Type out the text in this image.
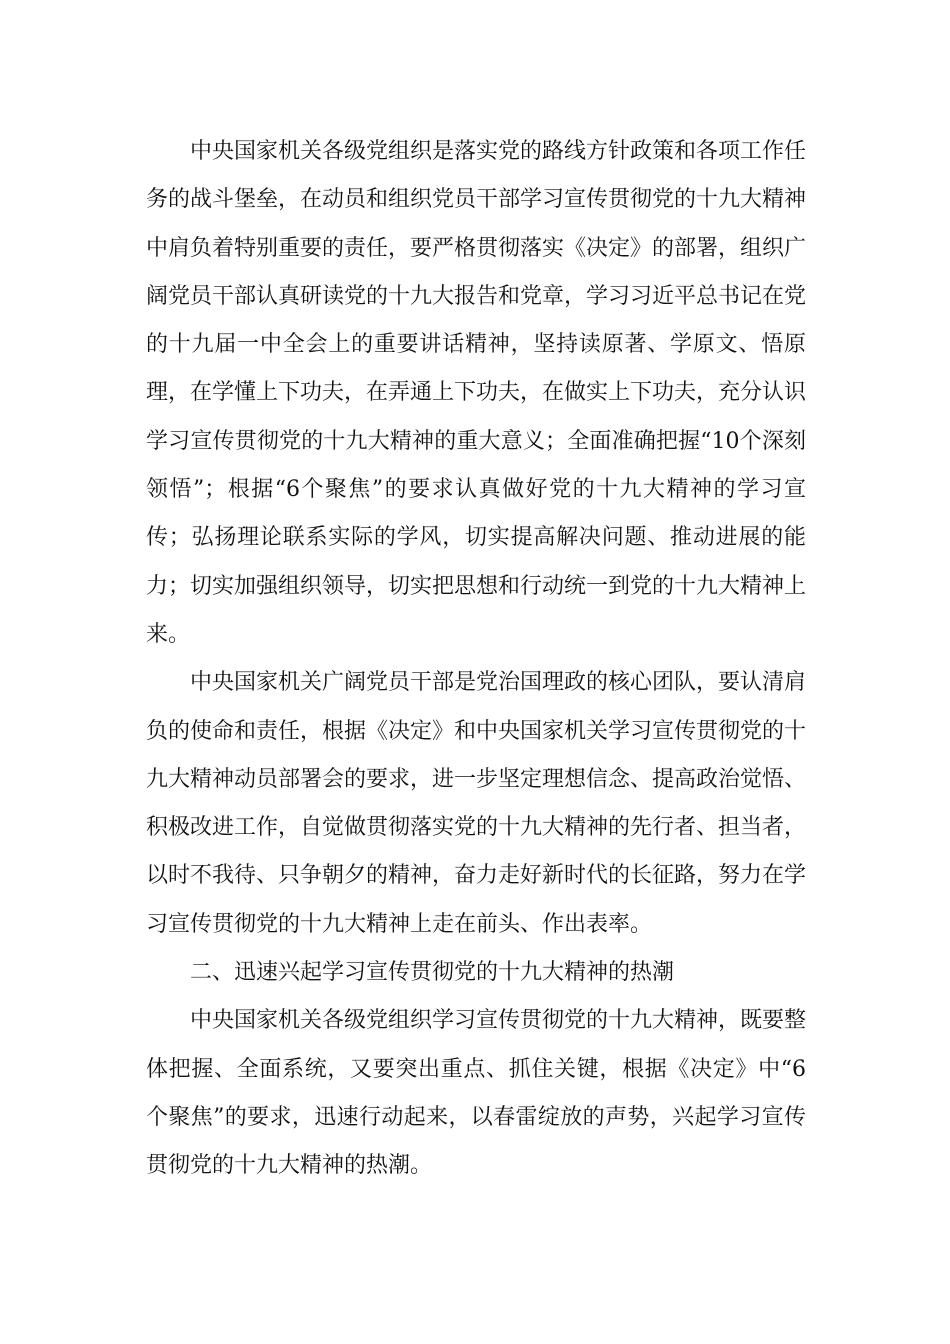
中央国家机关各级党组织是落实党的路线方针政策和各项工作任务的战斗堡垒，在动员和组织党员干部学习宣传贯彻党的十九大精神中肩负着特别重要的责任，要严格贯彻落实《决定》的部署，组织广阔党员干部认真研读党的十九大报告和党章，学习习近平总书记在党的十九届一中全会上的重要讲话精神，坚持读原著、学原文、悟原理，在学懂上下功夫，在弄通上下功夫，在做实上下功夫，充分认识学习宣传贯彻党的十九大精神的重大意义；全面准确把握“10个深刻领悟”；根据“6个聚焦”的要求认真做好党的十九大精神的学习宣传；弘扬理论联系实际的学风，切实提高解决问题、推动进展的能力；切实加强组织领导，切实把思想和行动统一到党的十九大精神上来。

中央国家机关广阔党员干部是党治国理政的核心团队，要认清肩负的使命和责任，根据《决定》和中央国家机关学习宣传贯彻党的十九大精神动员部署会的要求，进一步坚定理想信念、提高政治觉悟、积极改进工作，自觉做贯彻落实党的十九大精神的先行者、担当者，以时不我待、只争朝夕的精神，奋力走好新时代的长征路，努力在学习宣传贯彻党的十九大精神上走在前头、作出表率。

二、迅速兴起学习宣传贯彻党的十九大精神的热潮

中央国家机关各级党组织学习宣传贯彻党的十九大精神，既要整体把握、全面系统，又要突出重点、抓住关键，根据《决定》中“6个聚焦”的要求，迅速行动起来，以春雷绽放的声势，兴起学习宣传贯彻党的十九大精神的热潮。
